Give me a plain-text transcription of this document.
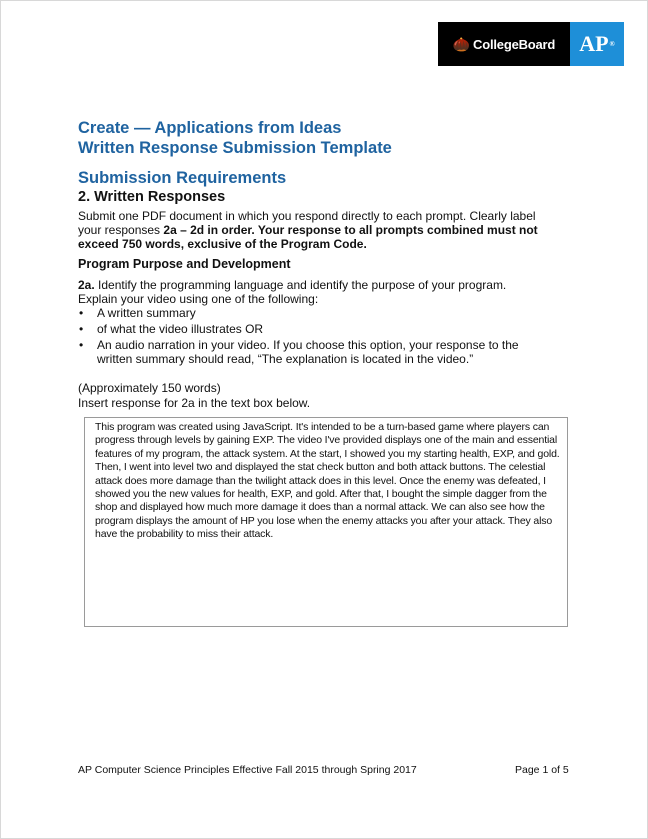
🌰 CollegeBoard AP ®
Create — Applications from Ideas
Written Response Submission Template
Submission Requirements
2. Written Responses
Submit one PDF document in which you respond directly to each prompt. Clearly label your responses 2a – 2d in order. Your response to all prompts combined must not exceed 750 words, exclusive of the Program Code.
Program Purpose and Development
2a. Identify the programming language and identify the purpose of your program. Explain your video using one of the following:
• A written summary
• of what the video illustrates OR
• An audio narration in your video. If you choose this option, your response to the written summary should read, “The explanation is located in the video.”
(Approximately 150 words)
Insert response for 2a in the text box below.
This program was created using JavaScript. It's intended to be a turn-based game where players can progress through levels by gaining EXP. The video I've provided displays one of the main and essential features of my program, the attack system. At the start, I showed you my starting health, EXP, and gold. Then, I went into level two and displayed the stat check button and both attack buttons. The celestial attack does more damage than the twilight attack does in this level. Once the enemy was defeated, I showed you the new values for health, EXP, and gold. After that, I bought the simple dagger from the shop and displayed how much more damage it does than a normal attack. We can also see how the program displays the amount of HP you lose when the enemy attacks you after your attack. They also have the probability to miss their attack.
AP Computer Science Principles Effective Fall 2015 through Spring 2017	Page 1 of 5
